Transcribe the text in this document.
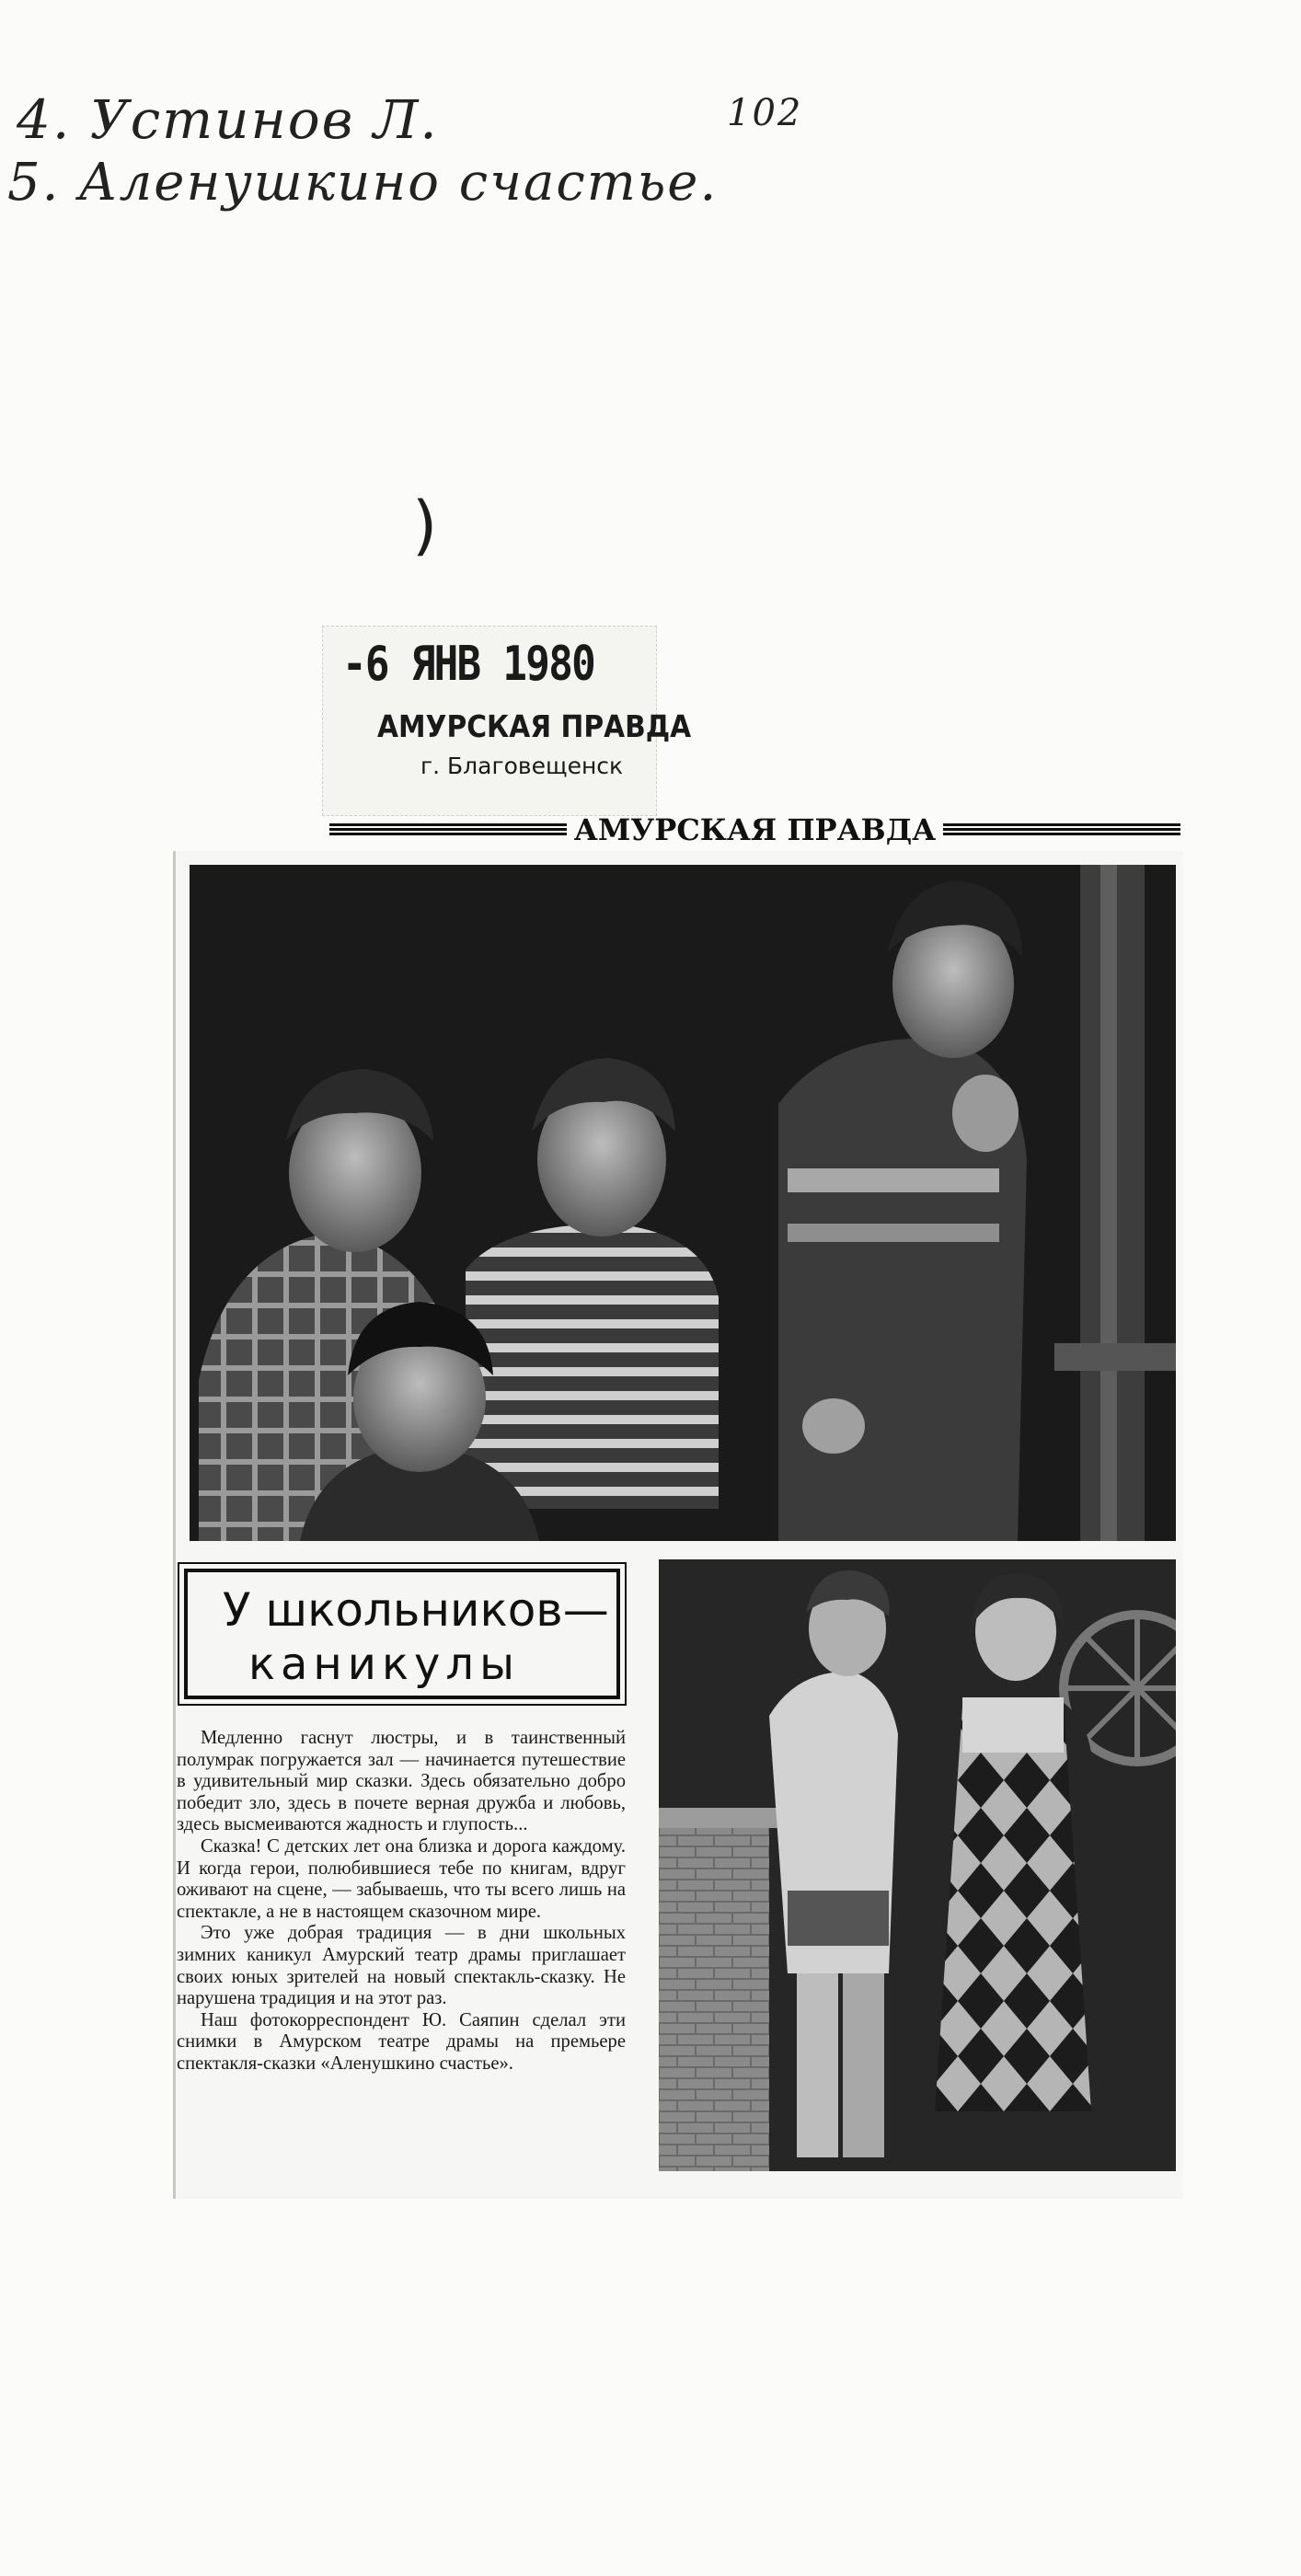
4. Устинов Л.
5. Аленушкино счастье.
102
)
-6 ЯНВ 1980
АМУРСКАЯ ПРАВДА
г. Благовещенск
АМУРСКАЯ ПРАВДА
У школьников—
каникулы

Медленно гаснут люстры, и в таинственный полумрак погружается зал — начинается путешествие в удивительный мир сказки. Здесь обязательно добро победит зло, здесь в почете верная дружба и любовь, здесь высмеиваются жадность и глупость...

Сказка! С детских лет она близка и дорога каждому. И когда герои, полюбившиеся тебе по книгам, вдруг оживают на сцене, — забываешь, что ты всего лишь на спектакле, а не в настоящем сказочном мире.

Это уже добрая традиция — в дни школьных зимних каникул Амурский театр драмы приглашает своих юных зрителей на новый спектакль-сказку. Не нарушена традиция и на этот раз.

Наш фотокорреспондент Ю. Саяпин сделал эти снимки в Амурском театре драмы на премьере спектакля-сказки «Аленушкино счастье».
